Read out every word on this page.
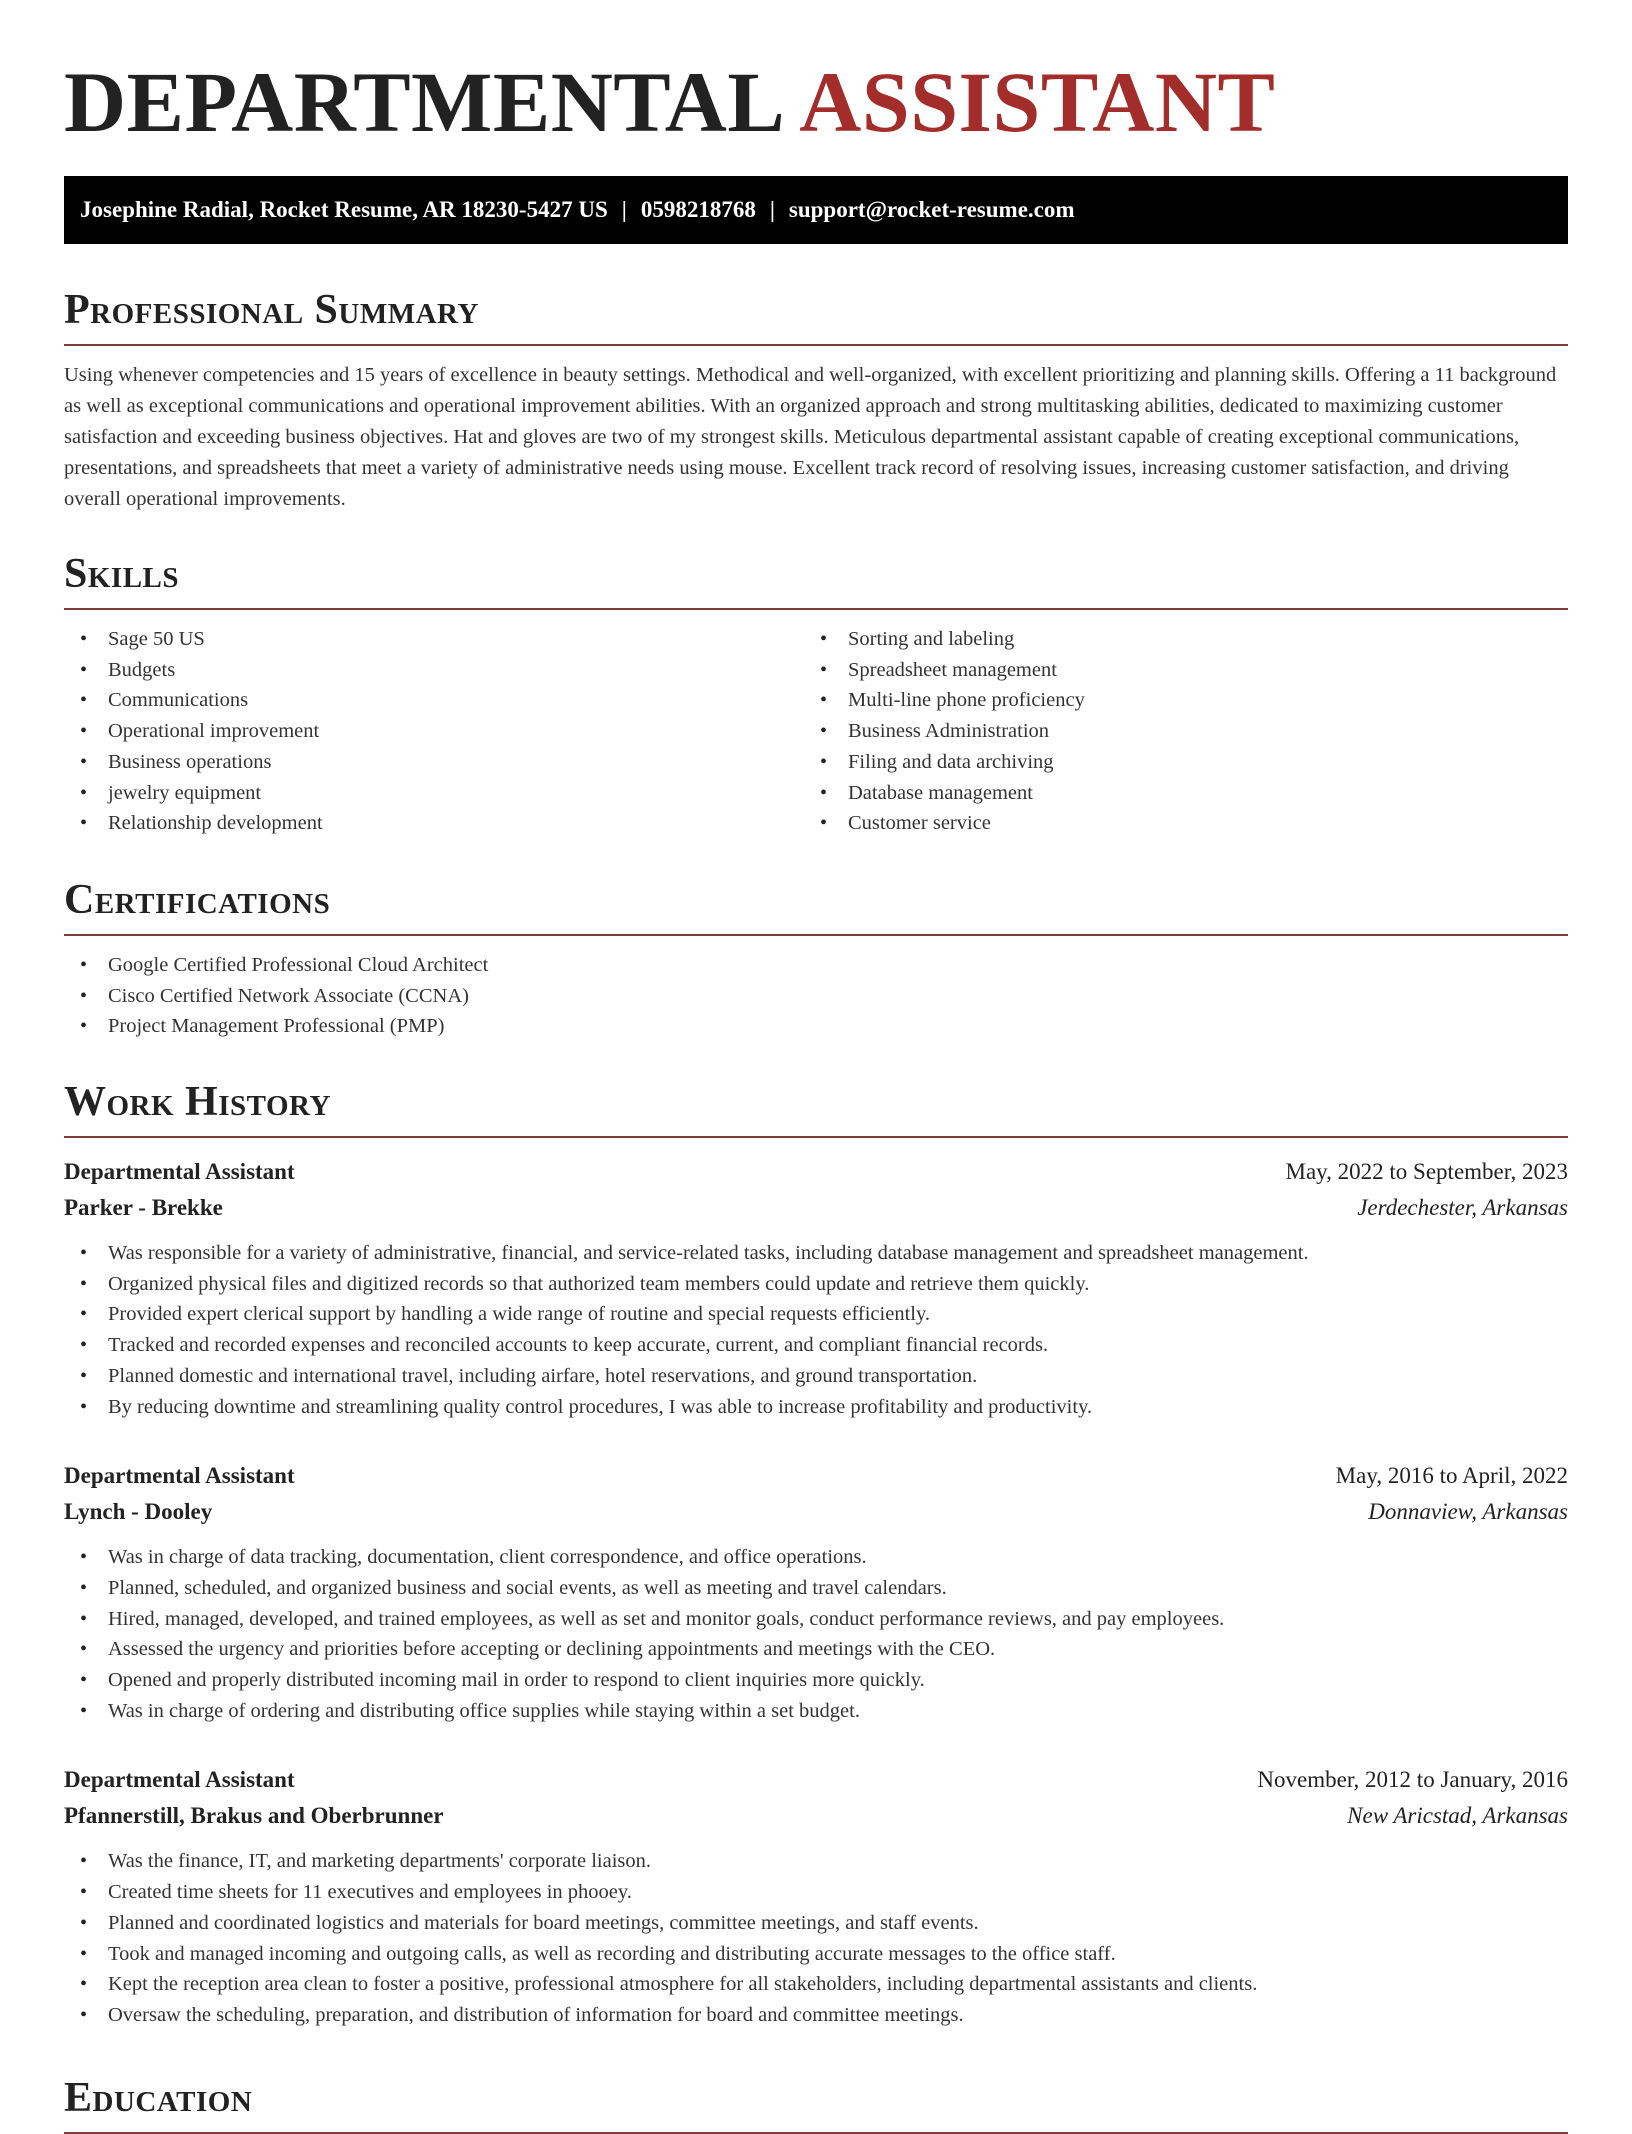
DEPARTMENTAL ASSISTANT
Josephine Radial, Rocket Resume, AR 18230-5427 US | 0598218768 | support@rocket-resume.com
Professional Summary
Using whenever competencies and 15 years of excellence in beauty settings. Methodical and well-organized, with excellent prioritizing and planning skills. Offering a 11 background as well as exceptional communications and operational improvement abilities. With an organized approach and strong multitasking abilities, dedicated to maximizing customer satisfaction and exceeding business objectives. Hat and gloves are two of my strongest skills. Meticulous departmental assistant capable of creating exceptional communications, presentations, and spreadsheets that meet a variety of administrative needs using mouse. Excellent track record of resolving issues, increasing customer satisfaction, and driving overall operational improvements.
Skills
• Sage 50 US
• Budgets
• Communications
• Operational improvement
• Business operations
• jewelry equipment
• Relationship development
• Sorting and labeling
• Spreadsheet management
• Multi-line phone proficiency
• Business Administration
• Filing and data archiving
• Database management
• Customer service
Certifications
• Google Certified Professional Cloud Architect
• Cisco Certified Network Associate (CCNA)
• Project Management Professional (PMP)
Work History
Departmental Assistant	May, 2022 to September, 2023
Parker - Brekke	Jerdechester, Arkansas
• Was responsible for a variety of administrative, financial, and service-related tasks, including database management and spreadsheet management.
• Organized physical files and digitized records so that authorized team members could update and retrieve them quickly.
• Provided expert clerical support by handling a wide range of routine and special requests efficiently.
• Tracked and recorded expenses and reconciled accounts to keep accurate, current, and compliant financial records.
• Planned domestic and international travel, including airfare, hotel reservations, and ground transportation.
• By reducing downtime and streamlining quality control procedures, I was able to increase profitability and productivity.
Departmental Assistant	May, 2016 to April, 2022
Lynch - Dooley	Donnaview, Arkansas
• Was in charge of data tracking, documentation, client correspondence, and office operations.
• Planned, scheduled, and organized business and social events, as well as meeting and travel calendars.
• Hired, managed, developed, and trained employees, as well as set and monitor goals, conduct performance reviews, and pay employees.
• Assessed the urgency and priorities before accepting or declining appointments and meetings with the CEO.
• Opened and properly distributed incoming mail in order to respond to client inquiries more quickly.
• Was in charge of ordering and distributing office supplies while staying within a set budget.
Departmental Assistant	November, 2012 to January, 2016
Pfannerstill, Brakus and Oberbrunner	New Aricstad, Arkansas
• Was the finance, IT, and marketing departments' corporate liaison.
• Created time sheets for 11 executives and employees in phooey.
• Planned and coordinated logistics and materials for board meetings, committee meetings, and staff events.
• Took and managed incoming and outgoing calls, as well as recording and distributing accurate messages to the office staff.
• Kept the reception area clean to foster a positive, professional atmosphere for all stakeholders, including departmental assistants and clients.
• Oversaw the scheduling, preparation, and distribution of information for board and committee meetings.
Education
